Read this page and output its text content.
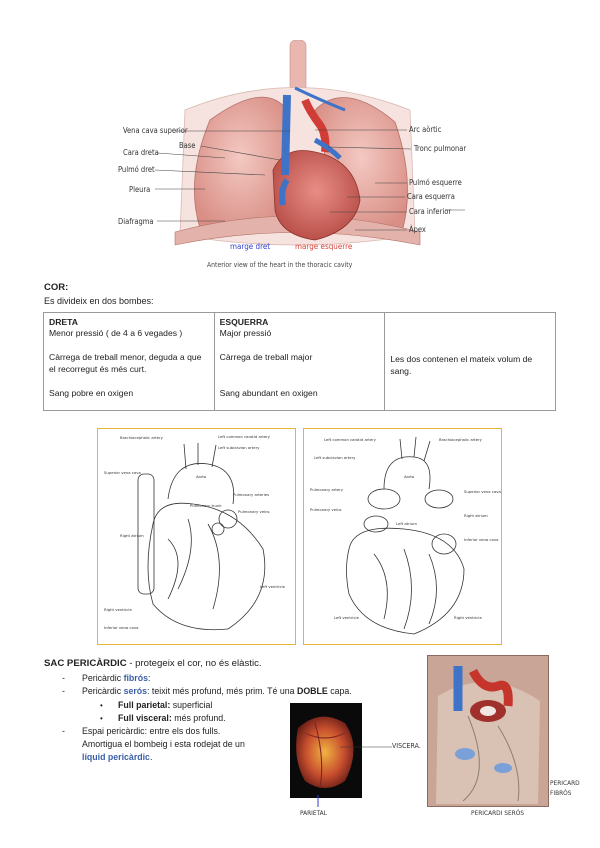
Vena cava superior
Base
Cara dreta
Pulmó dret
Pleura
Diafragma
Arc aòrtic
Tronc pulmonar
Pulmó esquerre
Cara esquerra
Cara inferior
Àpex
marge dret	marge esquerre
Anterior view of the heart in the thoracic cavity
COR:
Es divideix en dos bombes:
DRETA
Menor pressió ( de 4 a 6 vegades )
Càrrega de treball menor, deguda a que el recorregut és més curt.
Sang pobre en oxigen

ESQUERRA
Major pressió
Càrrega de treball major
Sang abundant en oxigen

Les dos contenen el mateix volum de sang.
Brachiocephalic artery	Left common carotid artery
Left subclavian artery
Aorta
Superior vena cava
Pulmonary arteries
Pulmonary trunk
Pulmonary veins
Right atrium
Left ventricle
Right ventricle
Inferior vena cava
Left common carotid artery	Brachiocephalic artery
Left subclavian artery
Aorta
Pulmonary artery	Superior vena cava
Pulmonary veins
Right atrium
Left atrium
Inferior vena cava
Left ventricle	Right ventricle
SAC PERICÀRDIC - protegeix el cor, no és elàstic.
- Pericàrdic fibrós:
- Pericàrdic serós: teixit més profund, més prim. Té una DOBLE capa.
• Full parietal: superficial
• Full visceral: més profund.
- Espai pericàrdic: entre els dos fulls.
Amortigua el bombeig i esta rodejat de un
líquid pericàrdic.
VISCERA.
PARIETAL
PERICARD
FIBRÓS
PERICARDI SERÓS
